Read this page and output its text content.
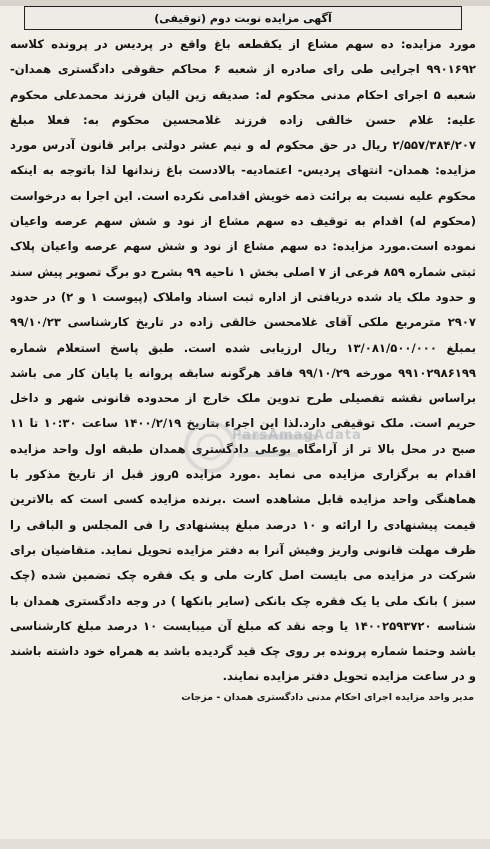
آگهی مزایده نوبت دوم (توقیفی)

مورد مزایده: ده سهم مشاع از یکقطعه باغ واقع در پردیس در پرونده کلاسه ۹۹۰۱۶۹۲ اجرایی طی رای صادره از شعبه ۶ محاکم حقوقی دادگستری همدان- شعبه ۵ اجرای احکام مدنی محکوم له: صدیقه زین الیان فرزند محمدعلی محکوم علیه: غلام حسن خالقی زاده فرزند غلامحسین محکوم به: فعلا مبلغ ۲/۵۵۷/۳۸۴/۲۰۷ ریال در حق محکوم له و نیم عشر دولتی برابر قانون آدرس مورد مزایده: همدان- انتهای پردیس- اعتمادیه- بالادست باغ زندانها لذا باتوجه به اینکه محکوم علیه نسبت به برائت ذمه خویش اقدامی نکرده است. این اجرا به درخواست (محکوم له) اقدام به توقیف ده سهم مشاع از نود و شش سهم عرصه واعیان نموده است.مورد مزایده: ده سهم مشاع از نود و شش سهم عرصه واعیان پلاک ثبتی شماره ۸۵۹ فرعی از ۷ اصلی بخش ۱ ناحیه ۹۹ بشرح دو برگ تصویر پیش سند و حدود ملک یاد شده دریافتی از اداره ثبت اسناد واملاک (پیوست ۱ و ۲) در حدود ۲۹۰۷ مترمربع ملکی آقای غلامحسن خالقی زاده در تاریخ کارشناسی ۹۹/۱۰/۲۳ بمبلغ ۱۳/۰۸۱/۵۰۰/۰۰۰ ریال ارزیابی شده است. طبق پاسخ استعلام شماره ۹۹۱۰۲۹۸۶۱۹۹ مورخه ۹۹/۱۰/۲۹ فاقد هرگونه سابقه پروانه یا پایان کار می باشد براساس نقشه تفصیلی طرح تدوین ملک خارج از محدوده قانونی شهر و داخل حریم است. ملک توقیفی دارد.لذا این اجراء بتاریخ ۱۴۰۰/۲/۱۹ ساعت ۱۰:۳۰ تا ۱۱ صبح در محل بالا تر از آرامگاه بوعلی دادگستری همدان طبقه اول واحد مزایده اقدام به برگزاری مزایده می نماید .مورد مزایده ۵روز قبل از تاریخ مذکور با هماهنگی واحد مزایده قابل مشاهده است .برنده مزایده کسی است که بالاترین قیمت پیشنهادی را ارائه و ۱۰ درصد مبلغ پیشنهادی را فی المجلس و الباقی را ظرف مهلت قانونی واریز وفیش آنرا به دفتر مزایده تحویل نماید. متقاضیان برای شرکت در مزایده می بایست اصل کارت ملی و یک فقره چک تضمین شده (چک سبز ) بانک ملی یا یک فقره چک بانکی (سایر بانکها ) در وجه دادگستری همدان با شناسه ۱۴۰۰۲۵۹۳۷۲۰ یا وجه نقد که مبلغ آن میبایست ۱۰ درصد مبلغ کارشناسی باشد وحتما شماره پرونده بر روی چک قید گردیده باشد به همراه خود داشته باشند و در ساعت مزایده تحویل دفتر مزایده نمایند.

مدیر واحد مزایده اجرای احکام مدنی دادگستری همدان - مزجات
ParsAmagAdata
